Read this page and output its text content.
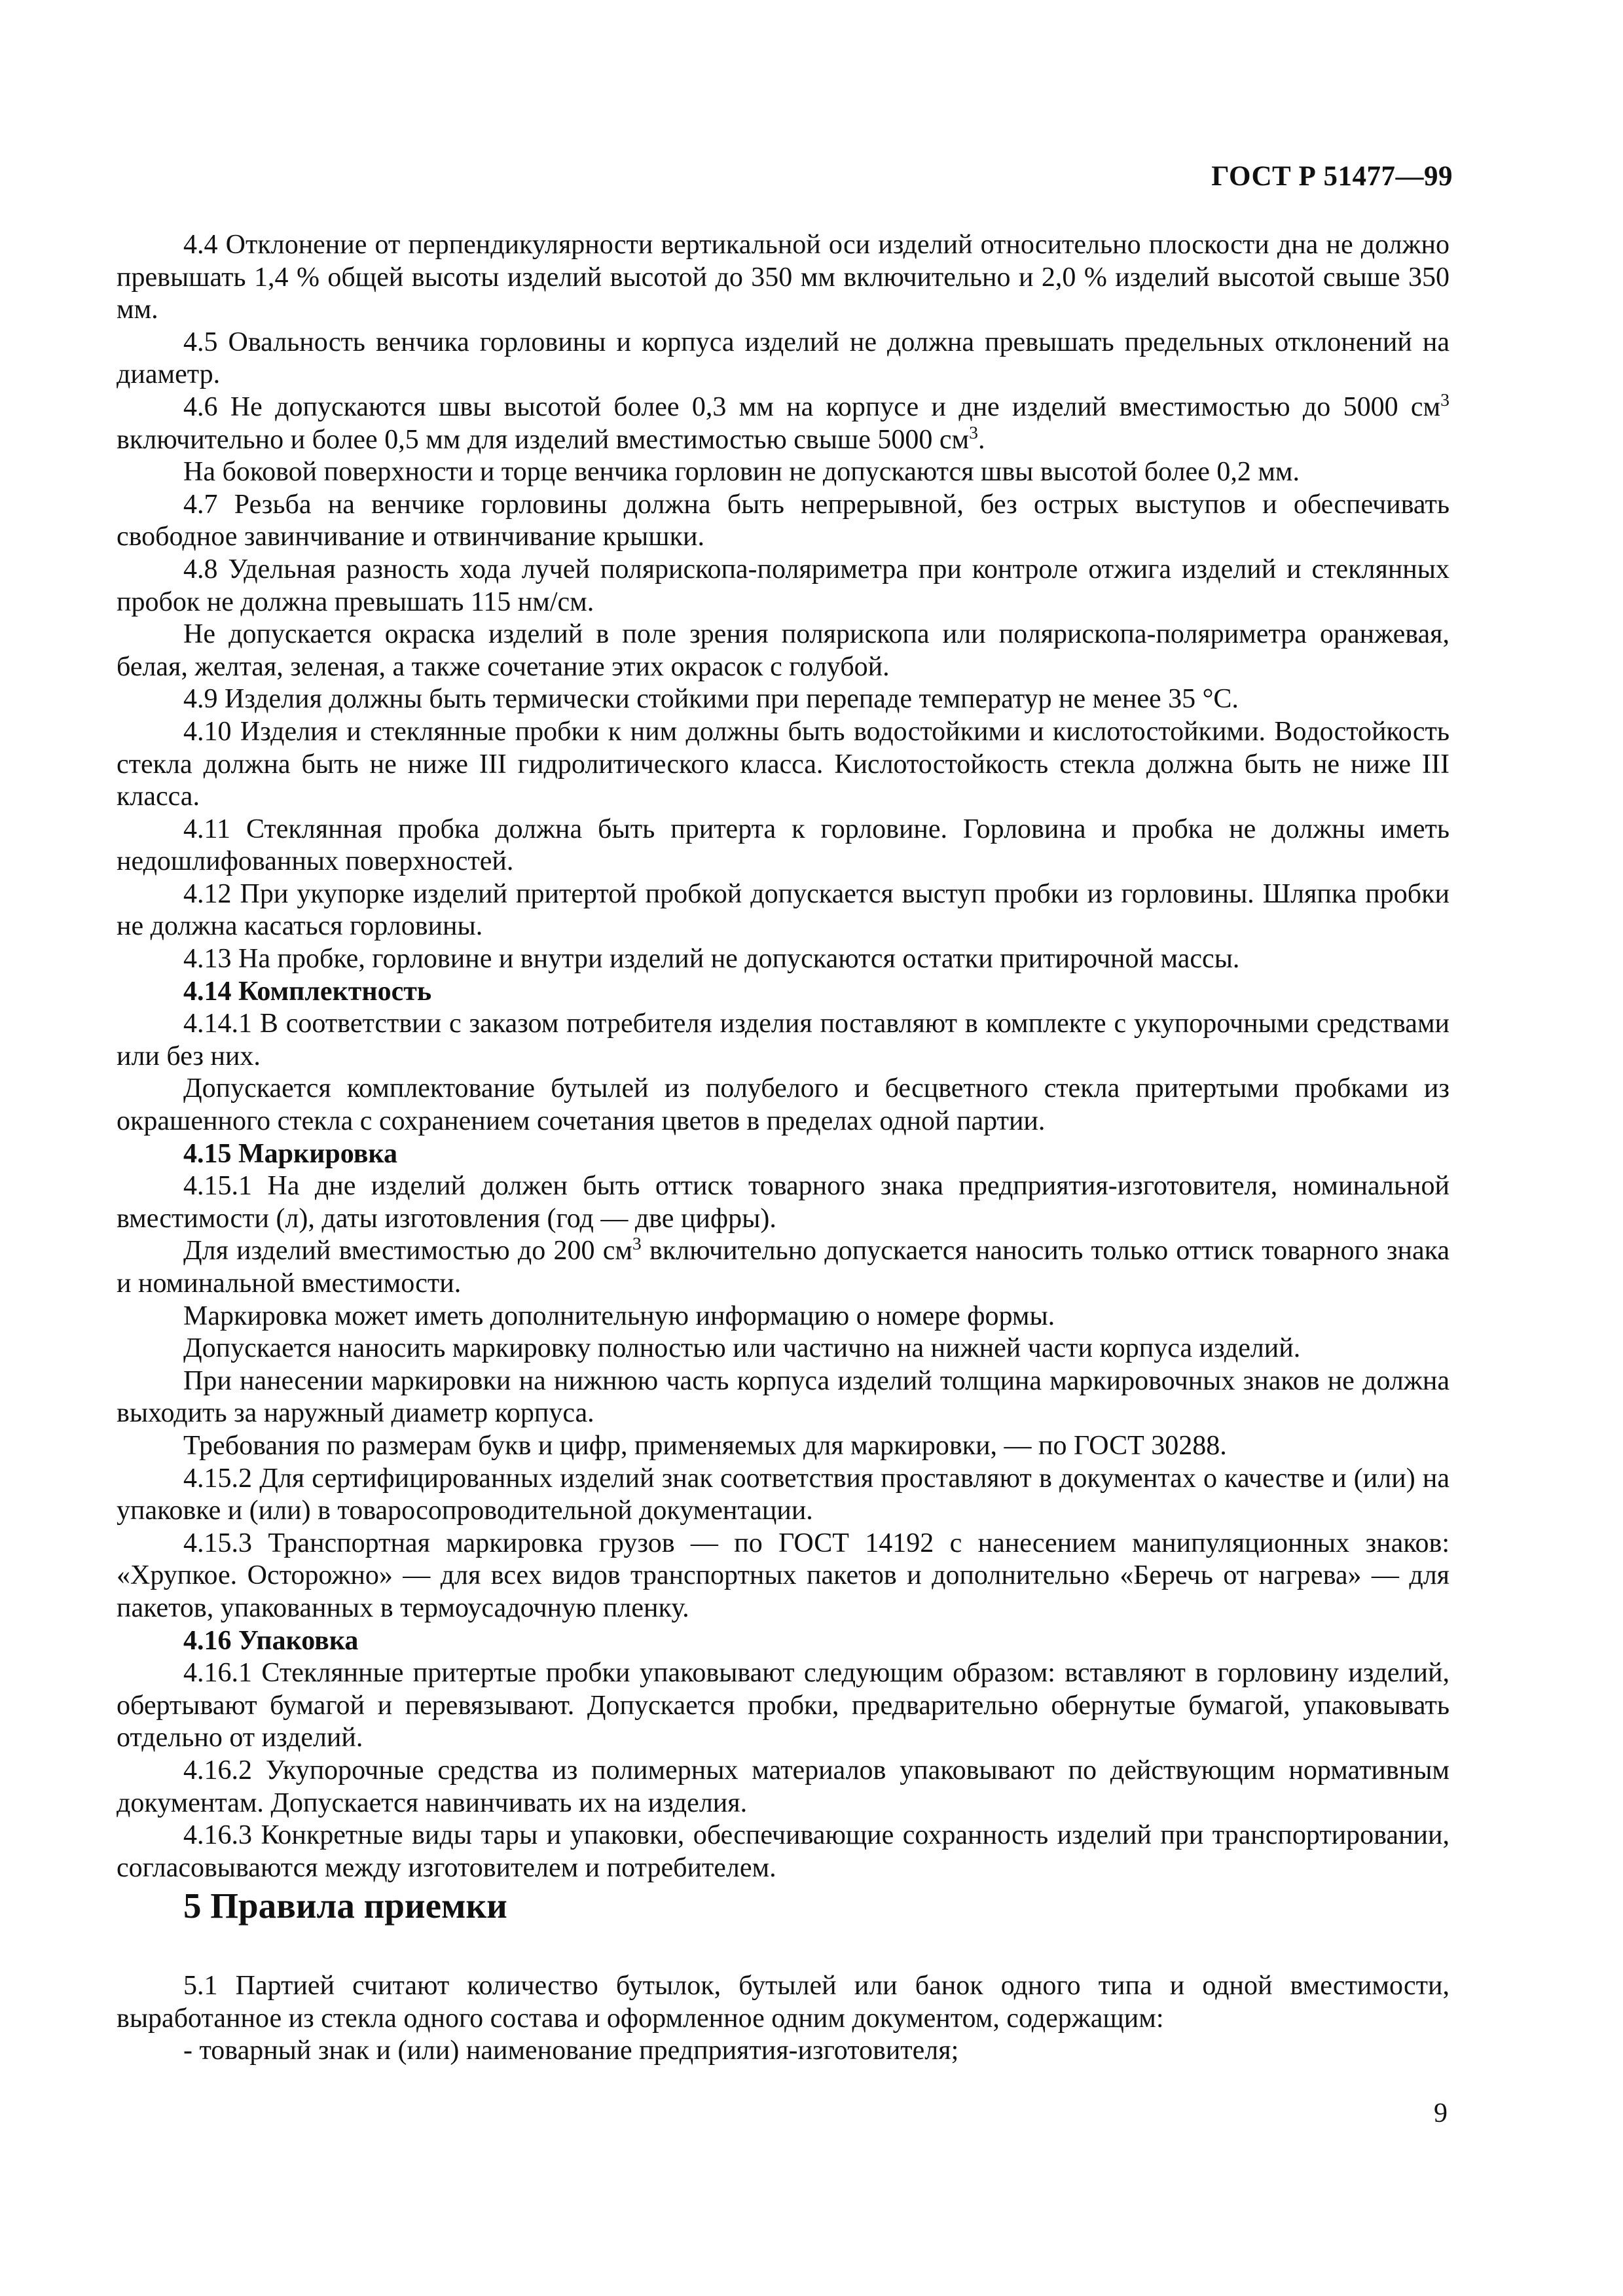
ГОСТ Р 51477—99

4.4 Отклонение от перпендикулярности вертикальной оси изделий относительно плоскости дна не должно превышать 1,4 % общей высоты изделий высотой до 350 мм включительно и 2,0 % изделий высотой свыше 350 мм.

4.5 Овальность венчика горловины и корпуса изделий не должна превышать предельных отклонений на диаметр.

4.6 Не допускаются швы высотой более 0,3 мм на корпусе и дне изделий вместимостью до 5000 $см^3$ включительно и более 0,5 мм для изделий вместимостью свыше 5000 $см^3$.

На боковой поверхности и торце венчика горловин не допускаются швы высотой более 0,2 мм.

4.7 Резьба на венчике горловины должна быть непрерывной, без острых выступов и обеспечивать свободное завинчивание и отвинчивание крышки.

4.8 Удельная разность хода лучей полярископа-поляриметра при контроле отжига изделий и стеклянных пробок не должна превышать 115 нм/см.

Не допускается окраска изделий в поле зрения полярископа или полярископа-поляриметра оранжевая, белая, желтая, зеленая, а также сочетание этих окрасок с голубой.

4.9 Изделия должны быть термически стойкими при перепаде температур не менее 35 °С.

4.10 Изделия и стеклянные пробки к ним должны быть водостойкими и кислотостойкими. Водостойкость стекла должна быть не ниже III гидролитического класса. Кислотостойкость стекла должна быть не ниже III класса.

4.11 Стеклянная пробка должна быть притерта к горловине. Горловина и пробка не должны иметь недошлифованных поверхностей.

4.12 При укупорке изделий притертой пробкой допускается выступ пробки из горловины. Шляпка пробки не должна касаться горловины.

4.13 На пробке, горловине и внутри изделий не допускаются остатки притирочной массы.

4.14 Комплектность

4.14.1 В соответствии с заказом потребителя изделия поставляют в комплекте с укупорочными средствами или без них.

Допускается комплектование бутылей из полубелого и бесцветного стекла притертыми пробками из окрашенного стекла с сохранением сочетания цветов в пределах одной партии.

4.15 Маркировка

4.15.1 На дне изделий должен быть оттиск товарного знака предприятия-изготовителя, номинальной вместимости (л), даты изготовления (год — две цифры).

Для изделий вместимостью до 200 $см^3$ включительно допускается наносить только оттиск товарного знака и номинальной вместимости.

Маркировка может иметь дополнительную информацию о номере формы.

Допускается наносить маркировку полностью или частично на нижней части корпуса изделий.

При нанесении маркировки на нижнюю часть корпуса изделий толщина маркировочных знаков не должна выходить за наружный диаметр корпуса.

Требования по размерам букв и цифр, применяемых для маркировки, — по ГОСТ 30288.

4.15.2 Для сертифицированных изделий знак соответствия проставляют в документах о качестве и (или) на упаковке и (или) в товаросопроводительной документации.

4.15.3 Транспортная маркировка грузов — по ГОСТ 14192 с нанесением манипуляционных знаков: «Хрупкое. Осторожно» — для всех видов транспортных пакетов и дополнительно «Беречь от нагрева» — для пакетов, упакованных в термоусадочную пленку.

4.16 Упаковка

4.16.1 Стеклянные притертые пробки упаковывают следующим образом: вставляют в горловину изделий, обертывают бумагой и перевязывают. Допускается пробки, предварительно обернутые бумагой, упаковывать отдельно от изделий.

4.16.2 Укупорочные средства из полимерных материалов упаковывают по действующим нормативным документам. Допускается навинчивать их на изделия.

4.16.3 Конкретные виды тары и упаковки, обеспечивающие сохранность изделий при транспортировании, согласовываются между изготовителем и потребителем.

5 Правила приемки

5.1 Партией считают количество бутылок, бутылей или банок одного типа и одной вместимости, выработанное из стекла одного состава и оформленное одним документом, содержащим:

- товарный знак и (или) наименование предприятия-изготовителя;

9
